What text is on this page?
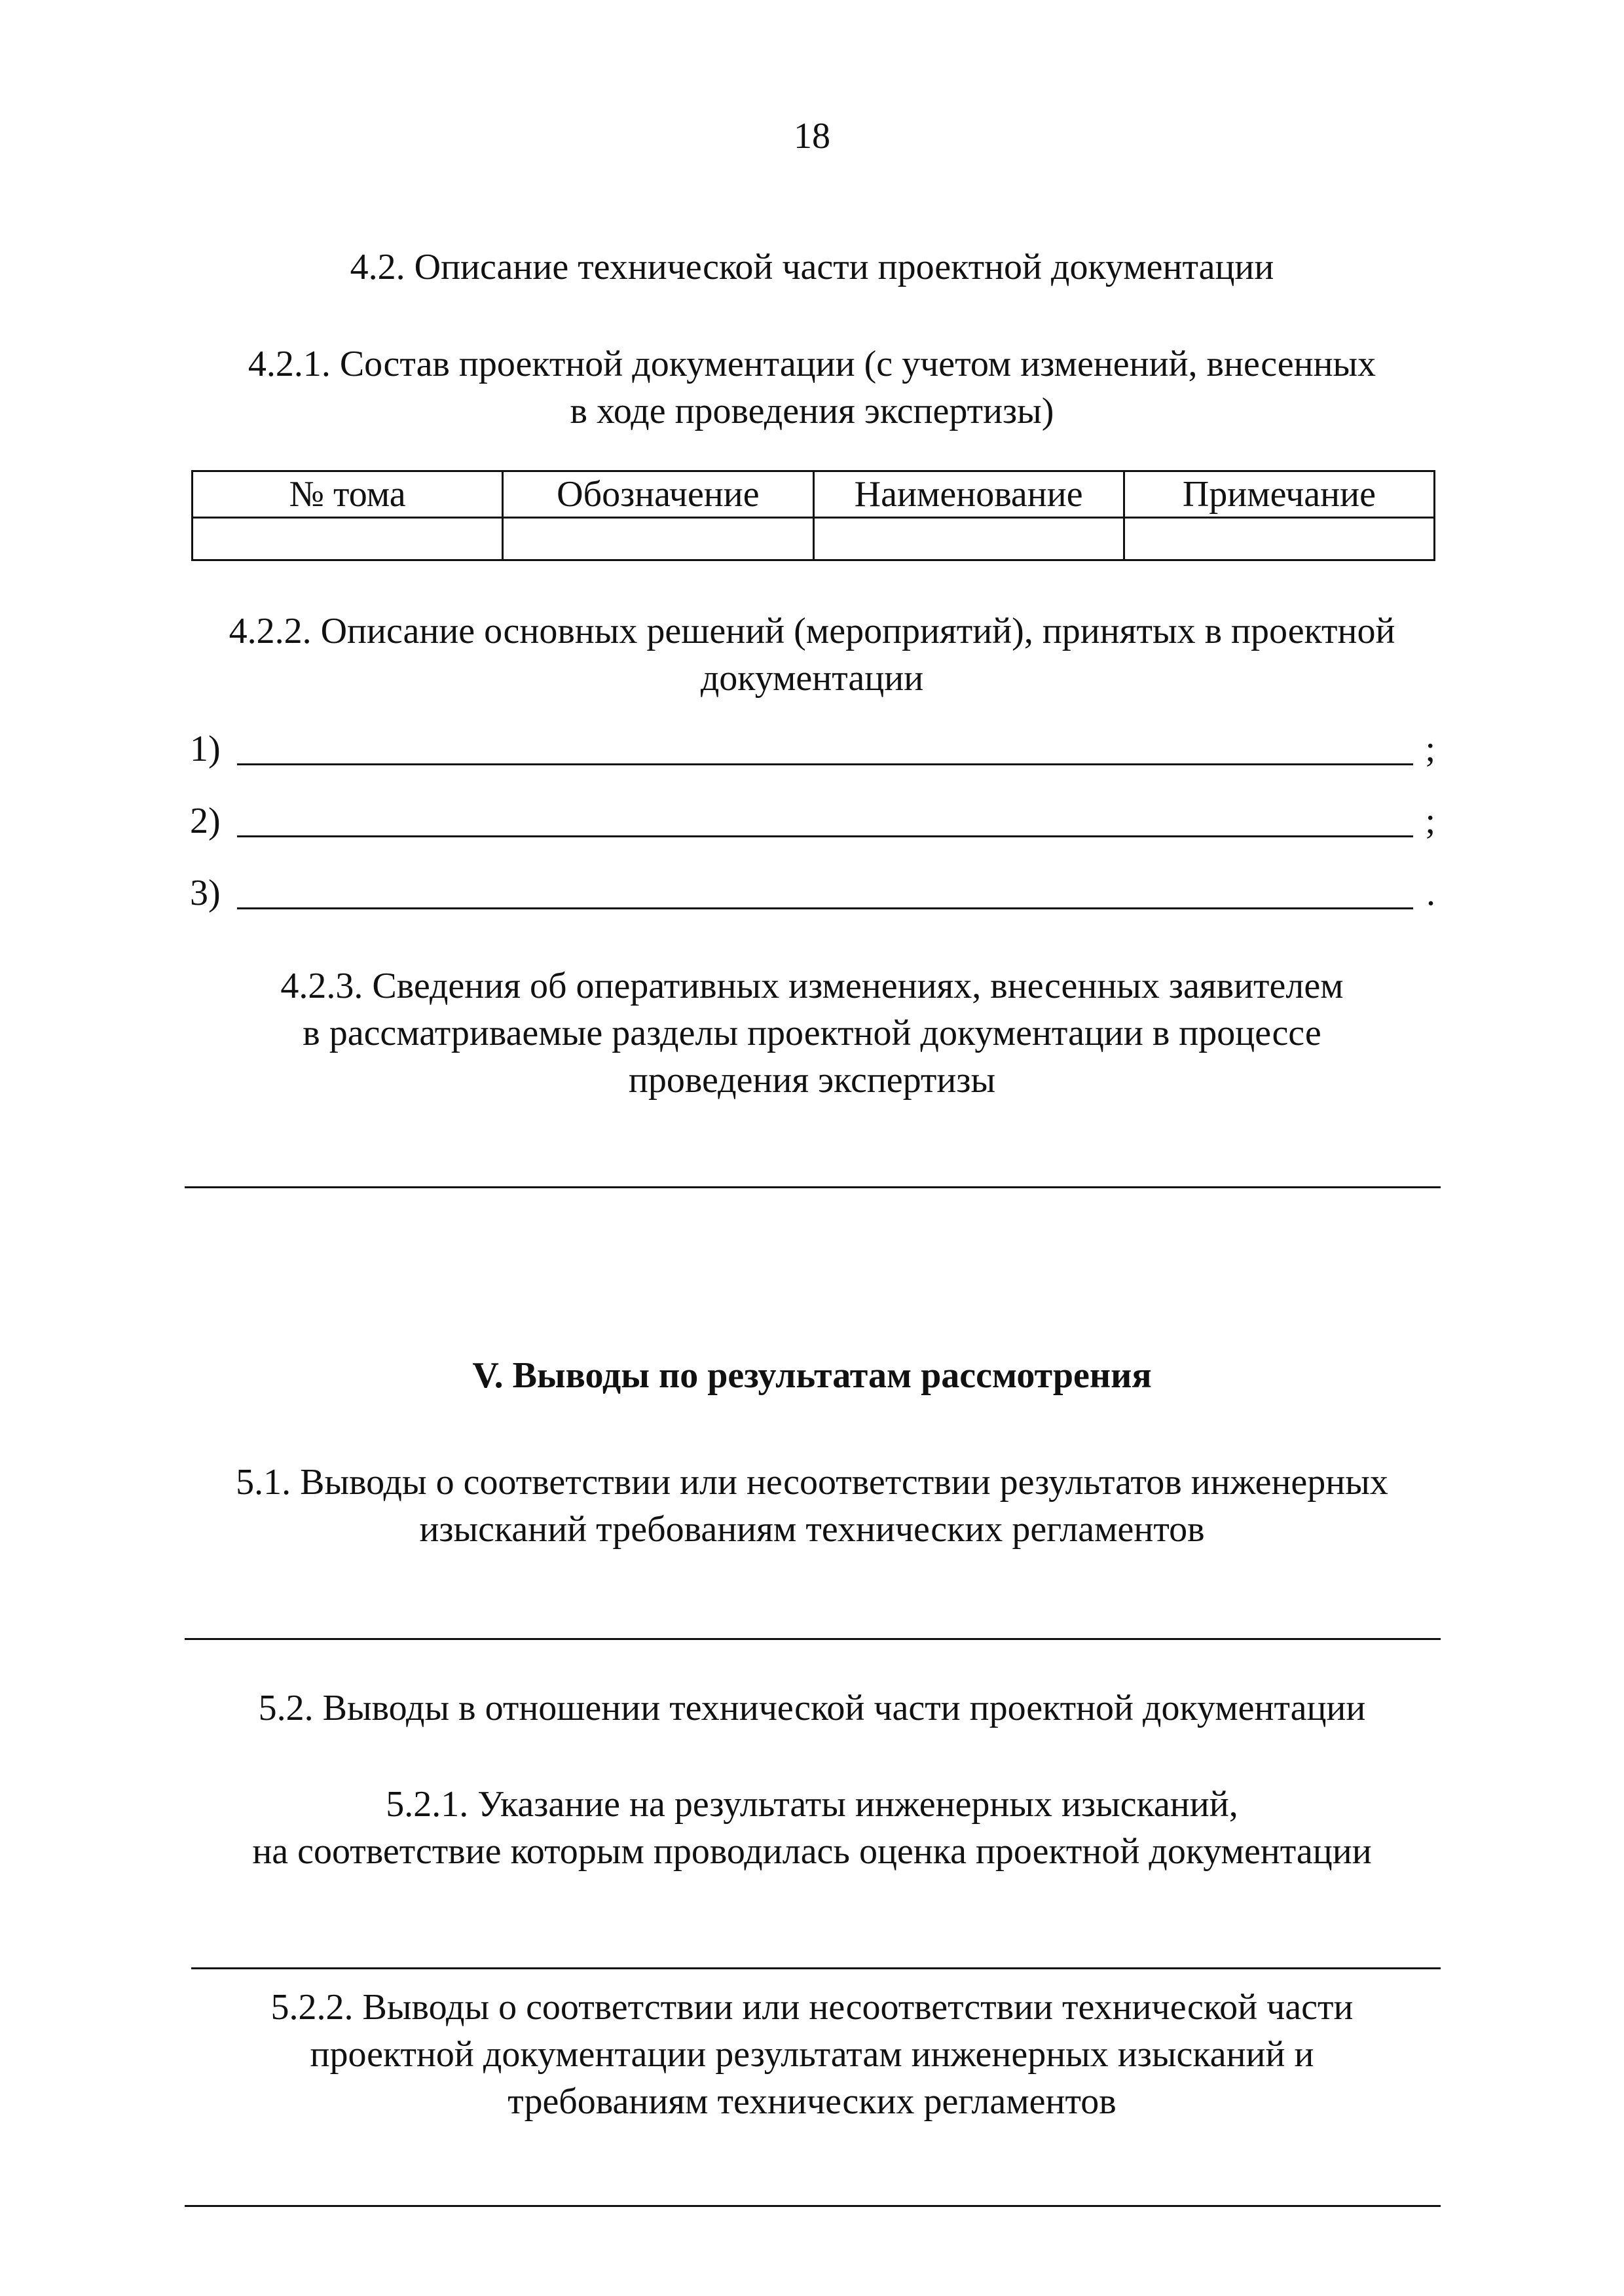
18
4.2. Описание технической части проектной документации
4.2.1. Состав проектной документации (с учетом изменений, внесенных
в ходе проведения экспертизы)
№ тома	Обозначение	Наименование	Примечание

4.2.2. Описание основных решений (мероприятий), принятых в проектной
документации
1)	;
2)	;
3)	.
4.2.3. Сведения об оперативных изменениях, внесенных заявителем
в рассматриваемые разделы проектной документации в процессе
проведения экспертизы
V. Выводы по результатам рассмотрения
5.1. Выводы о соответствии или несоответствии результатов инженерных
изысканий требованиям технических регламентов
5.2. Выводы в отношении технической части проектной документации
5.2.1. Указание на результаты инженерных изысканий,
на соответствие которым проводилась оценка проектной документации
5.2.2. Выводы о соответствии или несоответствии технической части
проектной документации результатам инженерных изысканий и
требованиям технических регламентов
